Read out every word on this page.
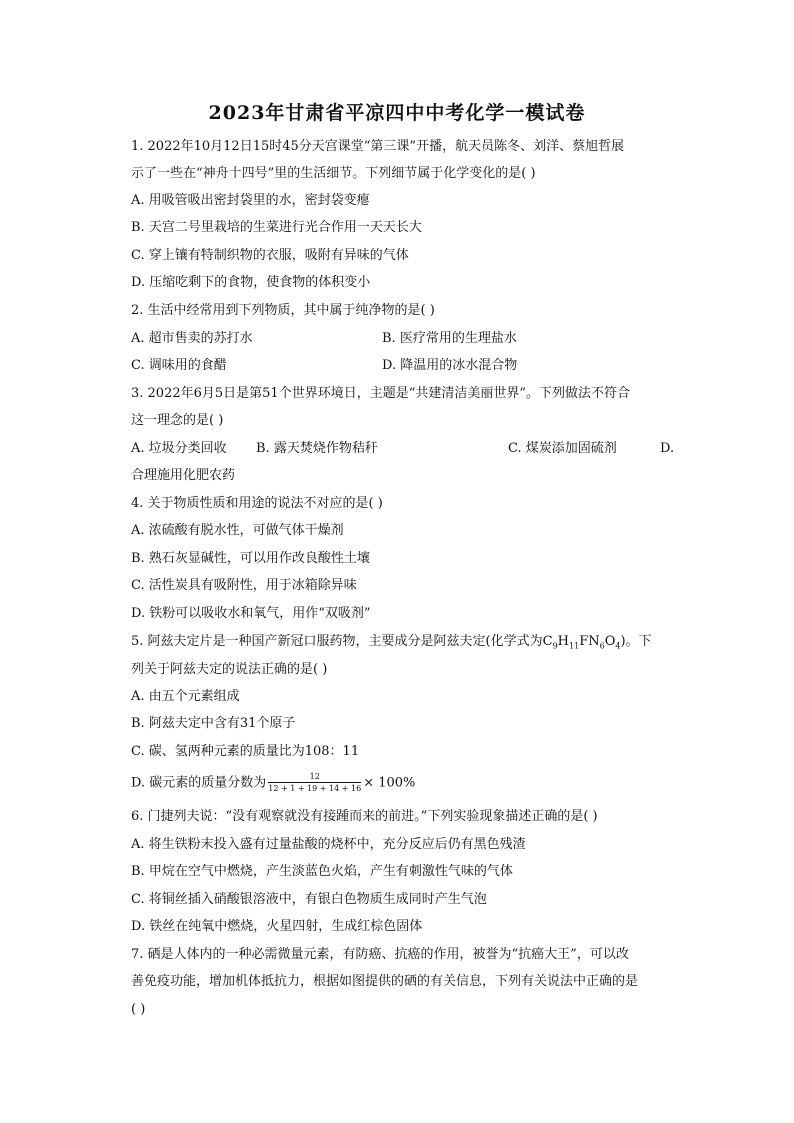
2023年甘肃省平凉四中中考化学一模试卷
1. 2022年10月12日15时45分天宫课堂“第三课”开播，航天员陈冬、刘洋、蔡旭哲展
示了一些在“神舟十四号”里的生活细节。下列细节属于化学变化的是( )
A. 用吸管吸出密封袋里的水，密封袋变瘪
B. 天宫二号里栽培的生菜进行光合作用一天天长大
C. 穿上镶有特制织物的衣服，吸附有异味的气体
D. 压缩吃剩下的食物，使食物的体积变小
2. 生活中经常用到下列物质，其中属于纯净物的是( )
A. 超市售卖的苏打水	B. 医疗常用的生理盐水
C. 调味用的食醋	D. 降温用的冰水混合物
3. 2022年6月5日是第51个世界环境日，主题是“共建清洁美丽世界”。下列做法不符合
这一理念的是( )
A. 垃圾分类回收 B. 露天焚烧作物秸秆	C. 煤炭添加固硫剂	D.
合理施用化肥农药
4. 关于物质性质和用途的说法不对应的是( )
A. 浓硫酸有脱水性，可做气体干燥剂
B. 熟石灰显碱性，可以用作改良酸性土壤
C. 活性炭具有吸附性，用于冰箱除异味
D. 铁粉可以吸收水和氧气，用作“双吸剂”
5. 阿兹夫定片是一种国产新冠口服药物，主要成分是阿兹夫定(化学式为$C_9H_{11}FN_6O_4$)。下
列关于阿兹夫定的说法正确的是( )
A. 由五个元素组成
B. 阿兹夫定中含有31个原子
C. 碳、氢两种元素的质量比为108：11
D. 碳元素的质量分数为 $\frac{12}{12 + 1 + 19 + 14 + 16} \times 100\%$
6. 门捷列夫说：“没有观察就没有接踵而来的前进。”下列实验现象描述正确的是( )
A. 将生铁粉末投入盛有过量盐酸的烧杯中，充分反应后仍有黑色残渣
B. 甲烷在空气中燃烧，产生淡蓝色火焰，产生有刺激性气味的气体
C. 将铜丝插入硝酸银溶液中，有银白色物质生成同时产生气泡
D. 铁丝在纯氧中燃烧，火星四射，生成红棕色固体
7. 硒是人体内的一种必需微量元素，有防癌、抗癌的作用，被誉为“抗癌大王”，可以改
善免疫功能，增加机体抵抗力，根据如图提供的硒的有关信息，下列有关说法中正确的是
( )
